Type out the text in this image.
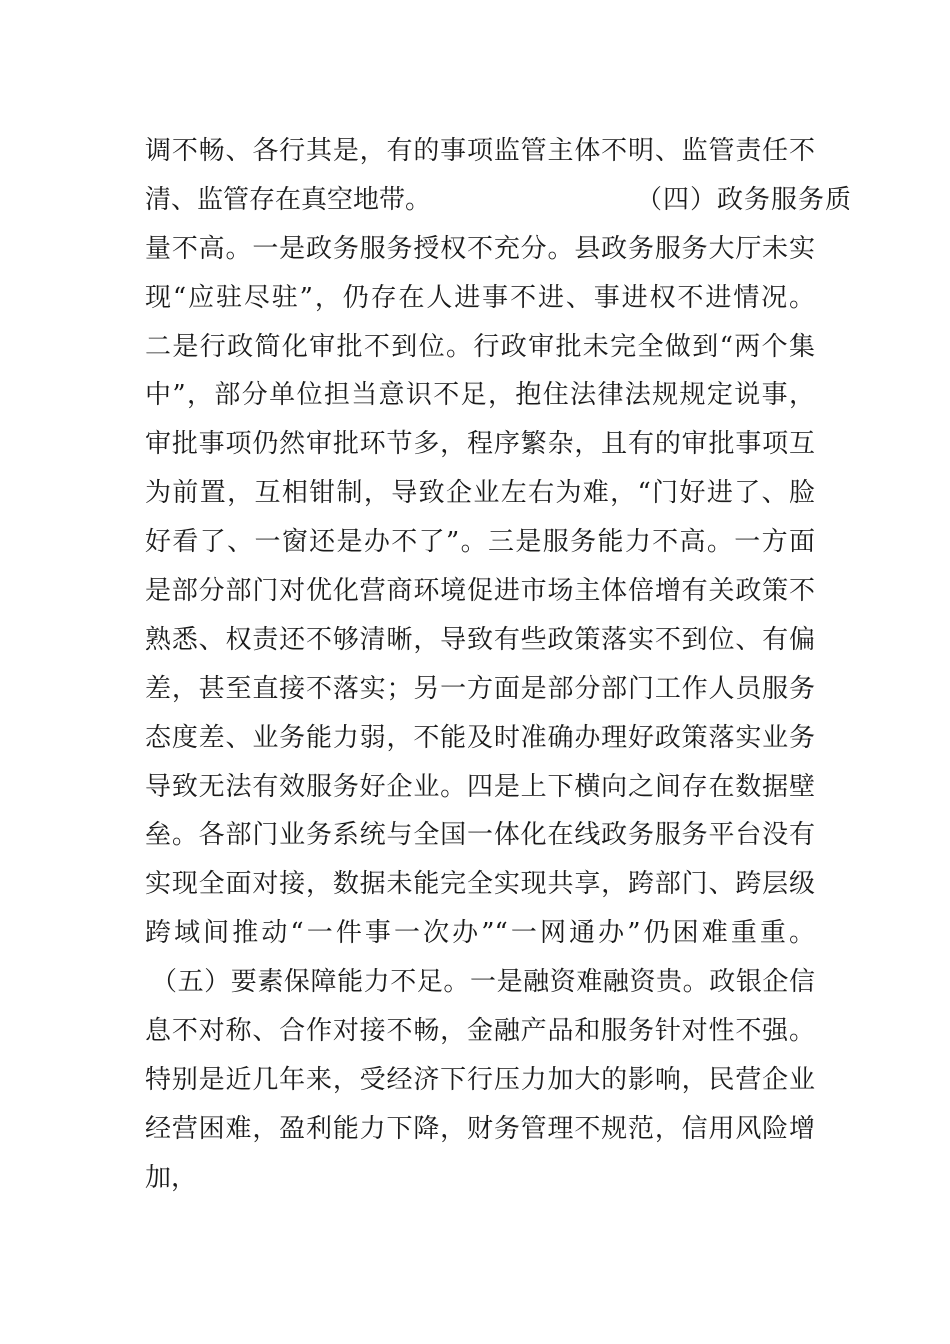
调不畅、各行其是，有的事项监管主体不明、监管责任不
清、监管存在真空地带。	（四）政务服务质
量不高。一是政务服务授权不充分。县政务服务大厅未实
现“应驻尽驻”，仍存在人进事不进、事进权不进情况。
二是行政简化审批不到位。行政审批未完全做到“两个集
中”，部分单位担当意识不足，抱住法律法规规定说事，
审批事项仍然审批环节多，程序繁杂，且有的审批事项互
为前置，互相钳制，导致企业左右为难，“门好进了、脸
好看了、一窗还是办不了”。三是服务能力不高。一方面
是部分部门对优化营商环境促进市场主体倍增有关政策不
熟悉、权责还不够清晰，导致有些政策落实不到位、有偏
差，甚至直接不落实；另一方面是部分部门工作人员服务
态度差、业务能力弱，不能及时准确办理好政策落实业务
导致无法有效服务好企业。四是上下横向之间存在数据壁
垒。各部门业务系统与全国一体化在线政务服务平台没有
实现全面对接，数据未能完全实现共享，跨部门、跨层级
跨域间推动“一件事一次办”“一网通办”仍困难重重。
（五）要素保障能力不足。一是融资难融资贵。政银企信
息不对称、合作对接不畅，金融产品和服务针对性不强。
特别是近几年来，受经济下行压力加大的影响，民营企业
经营困难，盈利能力下降，财务管理不规范，信用风险增
加，
